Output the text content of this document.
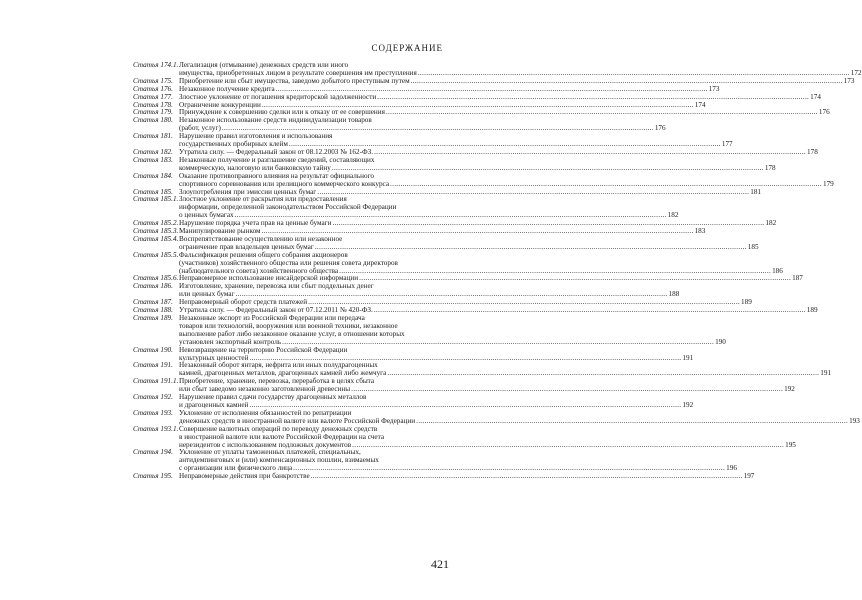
СОДЕРЖАНИЕ
Статья 174.1. Легализация (отмывание) денежных средств или иного
имущества, приобретенных лицом в результате совершения им преступления .....	172
Статья 175. Приобретение или сбыт имущества, заведомо добытого преступным путем .....	173
Статья 176. Незаконное получение кредита .....	173
Статья 177. Злостное уклонение от погашения кредиторской задолженности .....	174
Статья 178. Ограничение конкуренции .....	174
Статья 179. Принуждение к совершению сделки или к отказу от ее совершения .....	176
Статья 180. Незаконное использование средств индивидуализации товаров
(работ, услуг) .....	176
Статья 181. Нарушение правил изготовления и использования
государственных пробирных клейм .....	177
Статья 182. Утратила силу. — Федеральный закон от 08.12.2003 № 162-ФЗ. .....	178
Статья 183. Незаконные получение и разглашение сведений, составляющих
коммерческую, налоговую или банковскую тайну .....	178
Статья 184. Оказание противоправного влияния на результат официального
спортивного соревнования или зрелищного коммерческого конкурса .....	179
Статья 185. Злоупотребления при эмиссии ценных бумаг .....	181
Статья 185.1. Злостное уклонение от раскрытия или предоставления
информации, определенной законодательством Российской Федерации
о ценных бумагах .....	182
Статья 185.2. Нарушение порядка учета прав на ценные бумаги .....	182
Статья 185.3. Манипулирование рынком .....	183
Статья 185.4. Воспрепятствование осуществлению или незаконное
ограничение прав владельцев ценных бумаг .....	185
Статья 185.5. Фальсификация решения общего собрания акционеров
(участников) хозяйственного общества или решения совета директоров
(наблюдательного совета) хозяйственного общества .....	186
Статья 185.6. Неправомерное использование инсайдерской информации .....	187
Статья 186. Изготовление, хранение, перевозка или сбыт поддельных денег
или ценных бумаг .....	188
Статья 187. Неправомерный оборот средств платежей .....	189
Статья 188. Утратила силу. — Федеральный закон от 07.12.2011 № 420-ФЗ. .....	189
Статья 189. Незаконные экспорт из Российской Федерации или передача
товаров или технологий, вооружения или военной техники, незаконное
выполнение работ либо незаконное оказание услуг, в отношении которых
установлен экспортный контроль .....	190
Статья 190. Невозвращение на территорию Российской Федерации
культурных ценностей .....	191
Статья 191. Незаконный оборот янтаря, нефрита или иных полудрагоценных
камней, драгоценных металлов, драгоценных камней либо жемчуга .....	191
Статья 191.1. Приобретение, хранение, перевозка, переработка в целях сбыта
или сбыт заведомо незаконно заготовленной древесины .....	192
Статья 192. Нарушение правил сдачи государству драгоценных металлов
и драгоценных камней .....	192
Статья 193. Уклонение от исполнения обязанностей по репатриации
денежных средств в иностранной валюте или валюте Российской Федерации .....	193
Статья 193.1. Совершение валютных операций по переводу денежных средств
в иностранной валюте или валюте Российской Федерации на счета
нерезидентов с использованием подложных документов .....	195
Статья 194. Уклонение от уплаты таможенных платежей, специальных,
антидемпинговых и (или) компенсационных пошлин, взимаемых
с организации или физического лица .....	196
Статья 195. Неправомерные действия при банкротстве .....	197
421
